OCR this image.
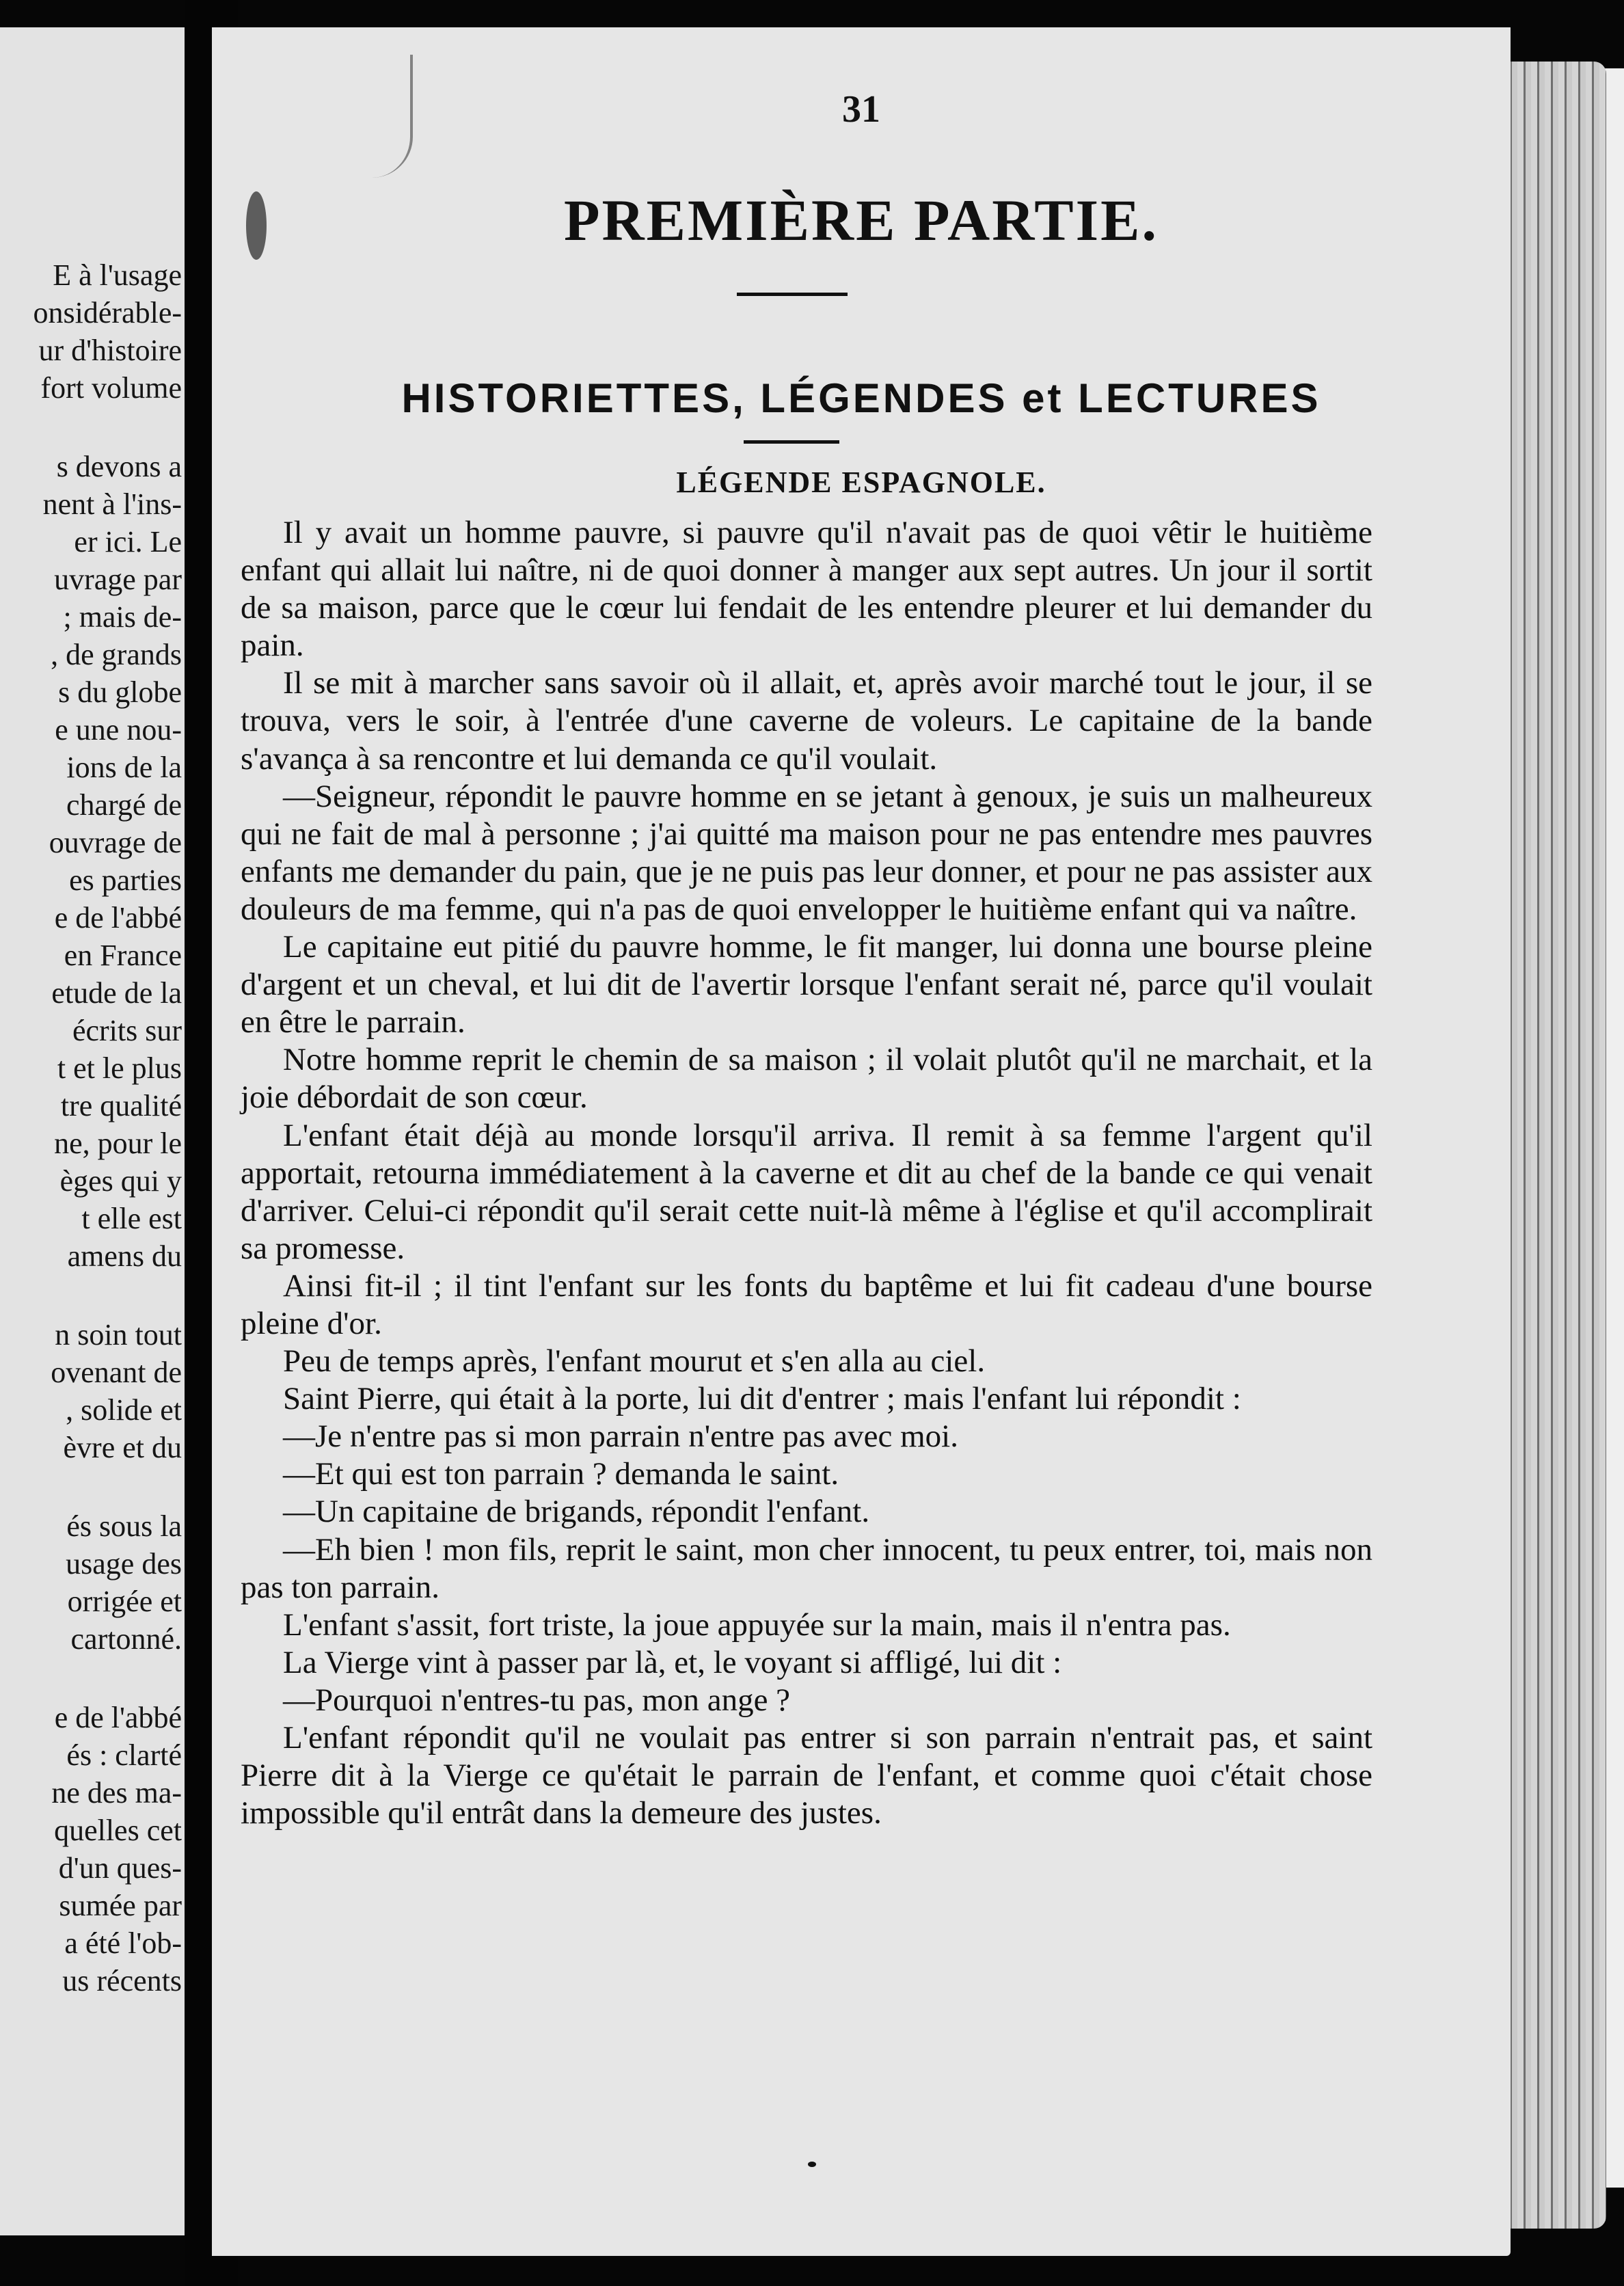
E à l'usage
onsidérable-
ur d'histoire
fort volume
s devons a
nent à l'ins-
er ici. Le
uvrage par
; mais de-
, de grands
s du globe
e une nou-
ions de la
chargé de
ouvrage de
es parties
e de l'abbé
en France
etude de la
écrits sur
t et le plus
tre qualité
ne, pour le
èges qui y
t elle est
amens du
n soin tout
ovenant de
, solide et
èvre et du
és sous la
usage des
orrigée et
cartonné.
e de l'abbé
és : clarté
ne des ma-
quelles cet
d'un ques-
sumée par
a été l'ob-
us récents
31
PREMIÈRE PARTIE.
HISTORIETTES, LÉGENDES et LECTURES
LÉGENDE ESPAGNOLE.

Il y avait un homme pauvre, si pauvre qu'il n'avait pas de quoi vêtir le huitième enfant qui allait lui naître, ni de quoi donner à manger aux sept autres. Un jour il sortit de sa maison, parce que le cœur lui fendait de les entendre pleurer et lui demander du pain.

Il se mit à marcher sans savoir où il allait, et, après avoir marché tout le jour, il se trouva, vers le soir, à l'entrée d'une caverne de voleurs. Le capitaine de la bande s'avança à sa rencontre et lui demanda ce qu'il voulait.

—Seigneur, répondit le pauvre homme en se jetant à genoux, je suis un malheureux qui ne fait de mal à personne ; j'ai quitté ma maison pour ne pas entendre mes pauvres enfants me demander du pain, que je ne puis pas leur donner, et pour ne pas assister aux douleurs de ma femme, qui n'a pas de quoi envelopper le huitième enfant qui va naître.

Le capitaine eut pitié du pauvre homme, le fit manger, lui donna une bourse pleine d'argent et un cheval, et lui dit de l'avertir lorsque l'enfant serait né, parce qu'il voulait en être le parrain.

Notre homme reprit le chemin de sa maison ; il volait plutôt qu'il ne marchait, et la joie débordait de son cœur.

L'enfant était déjà au monde lorsqu'il arriva. Il remit à sa femme l'argent qu'il apportait, retourna immédiatement à la caverne et dit au chef de la bande ce qui venait d'arriver. Celui-ci répondit qu'il serait cette nuit-là même à l'église et qu'il accomplirait sa promesse.

Ainsi fit-il ; il tint l'enfant sur les fonts du baptême et lui fit cadeau d'une bourse pleine d'or.

Peu de temps après, l'enfant mourut et s'en alla au ciel.

Saint Pierre, qui était à la porte, lui dit d'entrer ; mais l'enfant lui répondit :

—Je n'entre pas si mon parrain n'entre pas avec moi.

—Et qui est ton parrain ? demanda le saint.

—Un capitaine de brigands, répondit l'enfant.

—Eh bien ! mon fils, reprit le saint, mon cher innocent, tu peux entrer, toi, mais non pas ton parrain.

L'enfant s'assit, fort triste, la joue appuyée sur la main, mais il n'entra pas.

La Vierge vint à passer par là, et, le voyant si affligé, lui dit :

—Pourquoi n'entres-tu pas, mon ange ?

L'enfant répondit qu'il ne voulait pas entrer si son parrain n'entrait pas, et saint Pierre dit à la Vierge ce qu'était le parrain de l'enfant, et comme quoi c'était chose impossible qu'il entrât dans la demeure des justes.
